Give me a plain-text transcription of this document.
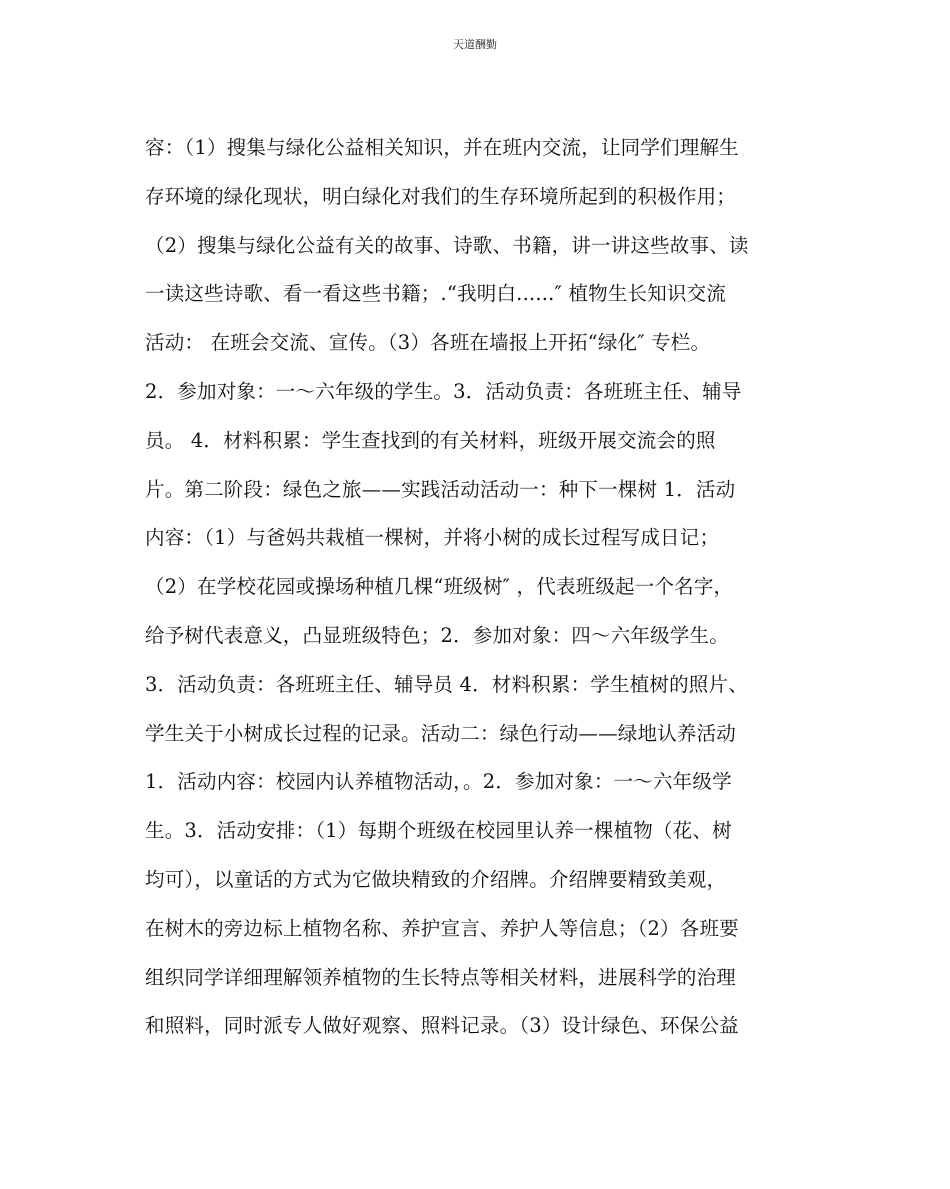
天道酬勤
容：（1）搜集与绿化公益相关知识，并在班内交流，让同学们理解生
存环境的绿化现状，明白绿化对我们的生存环境所起到的积极作用；
（2）搜集与绿化公益有关的故事、诗歌、书籍，讲一讲这些故事、读
一读这些诗歌、看一看这些书籍；.“我明白......″ 植物生长知识交流
活动： 在班会交流、宣传。（3）各班在墙报上开拓“绿化″ 专栏。
2．参加对象：一～六年级的学生。3．活动负责：各班班主任、辅导
员。 4．材料积累：学生查找到的有关材料，班级开展交流会的照
片。第二阶段：绿色之旅——实践活动活动一：种下一棵树 1．活动
内容：（1）与爸妈共栽植一棵树，并将小树的成长过程写成日记；
（2）在学校花园或操场种植几棵“班级树″ ，代表班级起一个名字，
给予树代表意义，凸显班级特色；2．参加对象：四～六年级学生。
3．活动负责：各班班主任、辅导员 4．材料积累：学生植树的照片、
学生关于小树成长过程的记录。活动二：绿色行动——绿地认养活动
1．活动内容：校园内认养植物活动，。2．参加对象：一～六年级学
生。3．活动安排：（1）每期个班级在校园里认养一棵植物（花、树
均可），以童话的方式为它做块精致的介绍牌。介绍牌要精致美观，
在树木的旁边标上植物名称、养护宣言、养护人等信息；（2）各班要
组织同学详细理解领养植物的生长特点等相关材料，进展科学的治理
和照料，同时派专人做好观察、照料记录。（3）设计绿色、环保公益
